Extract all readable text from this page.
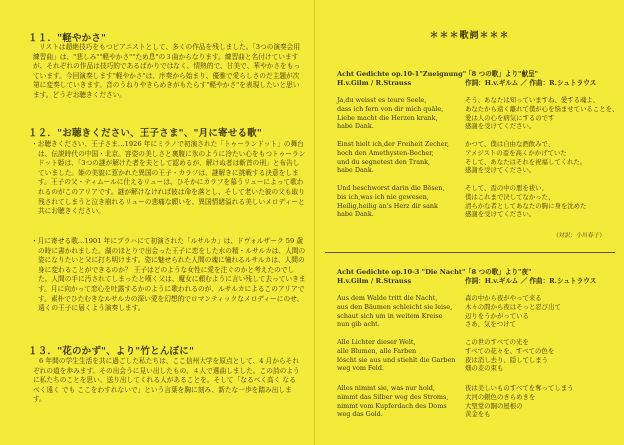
１１．"軽やかさ"

リストは超絶技巧をもつピアニストとして、多くの作品を残しました。「3つの演奏会用練習曲」は、"悲しみ""軽やかさ""ため息"の３曲からなります。練習曲と名付けていますが、それぞれの作品は技巧的であるばかりではなく、情熱的で、甘美で、華やかさをもっています。今回演奏します"軽やかさ"は、序奏から始まり、優雅で愛らしさのだ主題が次第に変奏していきます。音のうねりやきらめきがもたらす"軽やかさ"を表現したいと思います。どうぞお聴きください。

１２．"お聴きください、王子さま"、"月に寄せる歌"

・お聴きください、王子さま…1926 年にミラノで初演された「トゥーランドット」の舞台は、伝説時代の中国・北京。容姿の美しさと裏腹に氷のように冷たい心をもつトゥーランドット姫は、「3つの謎が解けた者を夫として認めるが、解けぬ者は斬首の刑」と布告していました。姫の美貌に惹かれた異国の王子・カラフは、謎解きに挑戦する決意をします。王子の父・ティムールに仕えるリューは、ひそかにカラフを慕うリューによって歌われるのがこのアリアです。謎が解けなければ彼は命を落とし、そして老いた彼の父も取り残されてしまうと泣き崩れるリューの悲痛な願いを、異国情緒溢れる美しいメロディーと共にお聴きください。

・月に寄せる歌…1901 年にプラハにて初演された「ルサルカ」は、ドヴォルザーク 59 歳の時に書かれました。湖のほとりで出会った王子に恋をした水の精・ルサルカは、人間の姿になりたいと父に打ち明けます。姿に魅せられた人間の魂に憧れるルサルカは、人間の身に変わることができるのか？ 王子はどのような女性に愛を注ぐのかと考えたのでした。人間の手に汚されてしまったと嘆く父は、魔女に頼むように言い残して去っていきます。月に向かって恋心を吐露するかのように歌われるのが、ルサルカによるこのアリアです。素朴でひたむきなルサルカの深い愛を幻想的でロマンティックなメロディーにのせ、遠くの王子に届くよう演奏します。

１３．"花のかず"、より"竹とんぼに"

6 年間の学生生活を共に過ごした私たちは、ここ信州大学を原点として、4 月からそれぞれの道を歩みます。その出会うに見い出したもの、４人で選曲しました。この詩のように私たちのことを思い、送り出してくれる人があることを。そして「なるべく高く なるべく遠く でも ここをわすれないで」という言葉を胸に刻み、新たな一歩を踏み出します。

＊＊＊歌詞＊＊＊
Acht Gedichte op.10-1"Zueignung"
H.v.Gilm / R.Strauss
Ja,du weisst es teure Seele,
dass ich fern von dir mich quäle,
Liebe macht die Herzen krank,
habe Dank.
Einst hielt ich,der Freiheit Zecher,
hoch den Amethysten-Becher,
und du segnetest den Trank,
habe Dank.
Und beschworst darin die Bösen,
bis ich,was ich nie gewesen,
Heilig,heilig an's Herz dir sank
habe Dank.
「8 つの歌」より"献呈"
作詞：H.v.ギルム ／ 作曲：R.シュトラウス
そう、あなたは知っていますね、愛する魂よ、
あなたから遠く離れて僕が心を悩ませていることを、
愛は人の心を病気にするのです
感謝を受けてください。
かつて、僕は自由な酒飲みで、
アメジストの盃を高くかかげていた
そして、あなたはそれを祝福してくれた。
感謝を受けてください。
そして、盃の中の悪を祓い、
僕はこれまで決してなかった、
清らかな者としてあなたの胸に身を沈めた
感謝を受けてください。
（対訳：小川春子）
Acht Gedichte op.10-3 "Die Nacht"
H.v.Gilm / R.Strauss
Aus dem Walde tritt die Nacht,
aus den Bäumen schleicht sie leise,
schaut sich um in weitem Kreise
nun gib acht.
Alle Lichter dieser Welt,
alle Blumen, alle Farben
löscht sie aus und stiehlt die Garben
weg vom Feld.
Alles nimmt sie, was nur hold,
nimmt das Silber weg des Stroms,
nimmt vom Kupferdach des Doms
weg das Gold.
「8 つの歌」より"夜"
作詞：H.v.ギルム ／ 作曲：R.シュトラウス
森の中から夜がやって来る
木々の間から夜はそっと忍び出て
辺りをうかがっている
さあ、気をつけて
この世のすべての光を
すべての花々を、すべての色を
夜は消し去り、隠してしまう
畑の麦の束も
夜は美しいものすべてを奪ってしまう
大河の銀色のきらめきを
大聖堂の銅の屋根の
黄金をも
